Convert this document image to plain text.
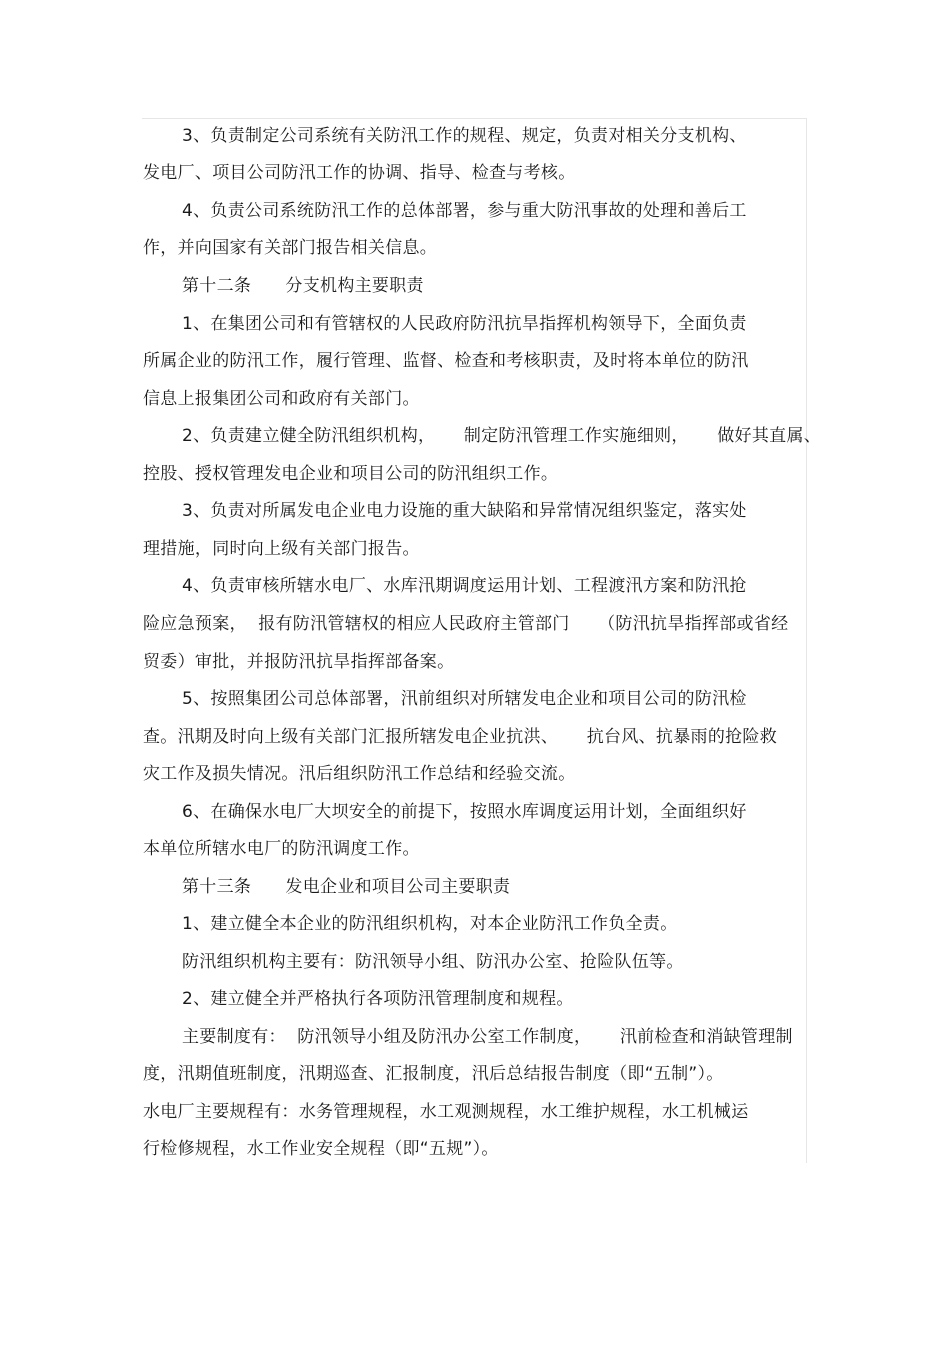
3、负责制定公司系统有关防汛工作的规程、规定，负责对相关分支机构、
发电厂、项目公司防汛工作的协调、指导、检查与考核。
4、负责公司系统防汛工作的总体部署，参与重大防汛事故的处理和善后工
作，并向国家有关部门报告相关信息。
第十二条      分支机构主要职责
1、在集团公司和有管辖权的人民政府防汛抗旱指挥机构领导下，全面负责
所属企业的防汛工作，履行管理、监督、检查和考核职责，及时将本单位的防汛
信息上报集团公司和政府有关部门。
2、负责建立健全防汛组织机构，     制定防汛管理工作实施细则，     做好其直属、
控股、授权管理发电企业和项目公司的防汛组织工作。
3、负责对所属发电企业电力设施的重大缺陷和异常情况组织鉴定，落实处
理措施，同时向上级有关部门报告。
4、负责审核所辖水电厂、水库汛期调度运用计划、工程渡汛方案和防汛抢
险应急预案，  报有防汛管辖权的相应人民政府主管部门     （防汛抗旱指挥部或省经
贸委）审批，并报防汛抗旱指挥部备案。
5、按照集团公司总体部署，汛前组织对所辖发电企业和项目公司的防汛检
查。汛期及时向上级有关部门汇报所辖发电企业抗洪、     抗台风、抗暴雨的抢险救
灾工作及损失情况。汛后组织防汛工作总结和经验交流。
6、在确保水电厂大坝安全的前提下，按照水库调度运用计划，全面组织好
本单位所辖水电厂的防汛调度工作。
第十三条      发电企业和项目公司主要职责
1、建立健全本企业的防汛组织机构，对本企业防汛工作负全责。
防汛组织机构主要有：防汛领导小组、防汛办公室、抢险队伍等。
2、建立健全并严格执行各项防汛管理制度和规程。
主要制度有：  防汛领导小组及防汛办公室工作制度，     汛前检查和消缺管理制
度，汛期值班制度，汛期巡查、汇报制度，汛后总结报告制度（即“五制”）。
水电厂主要规程有：水务管理规程，水工观测规程，水工维护规程，水工机械运
行检修规程，水工作业安全规程（即“五规”）。
